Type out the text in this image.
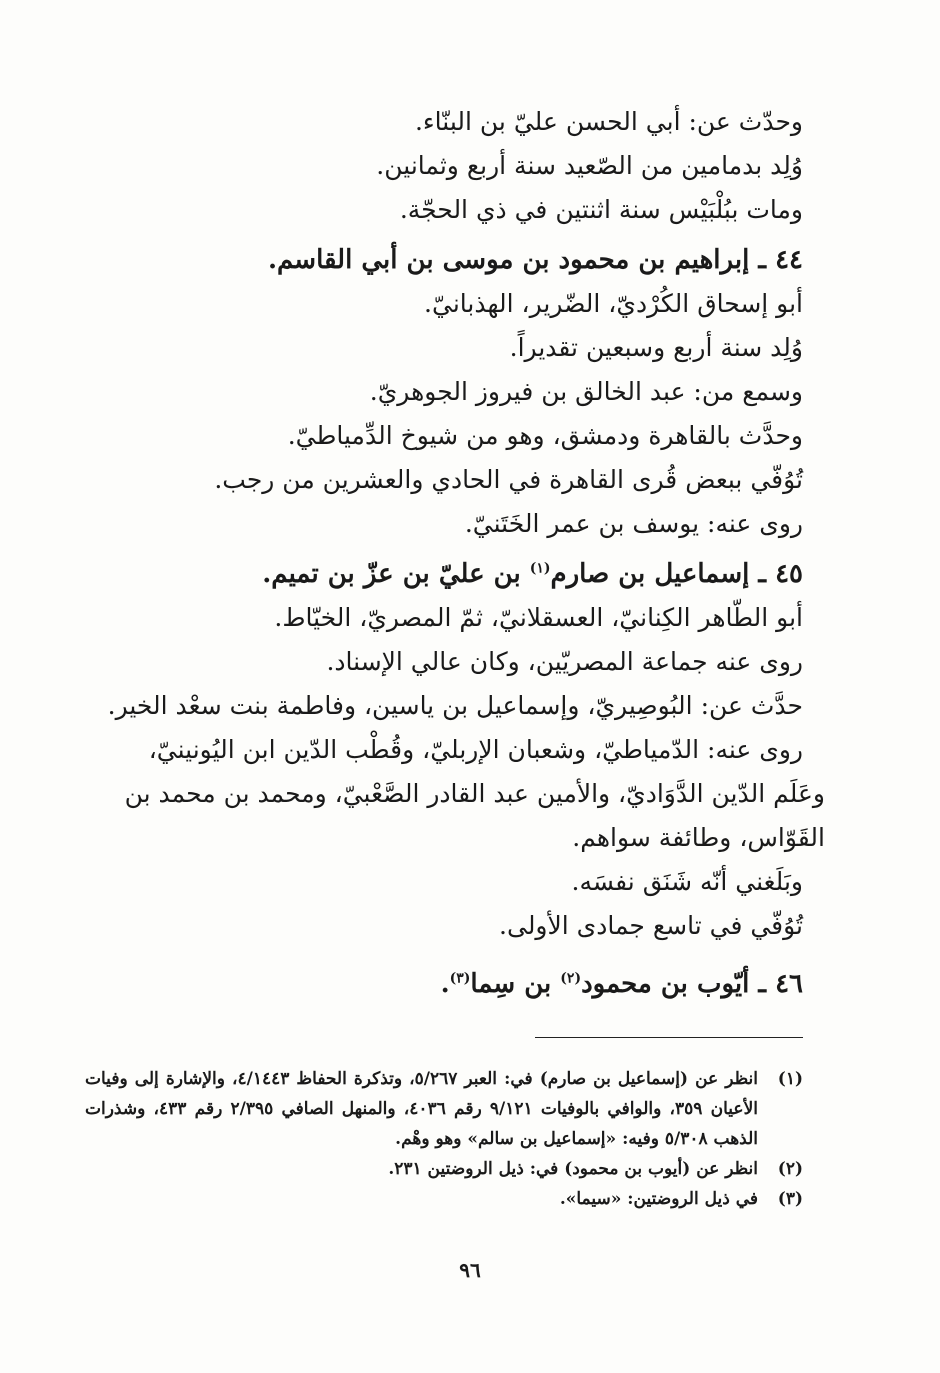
وحدّث عن: أبي الحسن عليّ بن البنّاء.
وُلِد بدمامين من الصّعيد سنة أربع وثمانين.
ومات ببُلْبَيْس سنة اثنتين في ذي الحجّة.
٤٤ ـ إبراهيم بن محمود بن موسى بن أبي القاسم.
أبو إسحاق الكُرْديّ، الضّرير، الهذبانيّ.
وُلِد سنة أربع وسبعين تقديراً.
وسمع من: عبد الخالق بن فيروز الجوهريّ.
وحدَّث بالقاهرة ودمشق، وهو من شيوخ الدِّمياطيّ.
تُوُفّي ببعض قُرى القاهرة في الحادي والعشرين من رجب.
روى عنه: يوسف بن عمر الخَتَنيّ.
٤٥ ـ إسماعيل بن صارم$^{(١)}$ بن عليّ بن عزّ بن تميم.
أبو الطّاهر الكِنانيّ، العسقلانيّ، ثمّ المصريّ، الخيّاط.
روى عنه جماعة المصريّين، وكان عالي الإسناد.
حدَّث عن: البُوصِيريّ، وإسماعيل بن ياسين، وفاطمة بنت سعْد الخير.
روى عنه: الدّمياطيّ، وشعبان الإربليّ، وقُطْب الدّين ابن اليُونينيّ،
وعَلَم الدّين الدَّوَاديّ، والأمين عبد القادر الصَّعْبيّ، ومحمد بن محمد بن
القَوّاس، وطائفة سواهم.
وبَلَغني أنّه شَنَق نفسَه.
تُوُفّي في تاسع جمادى الأولى.
٤٦ ـ أيّوب بن محمود$^{(٢)}$ بن سِما$^{(٣)}$.
(١)
انظر عن (إسماعيل بن صارم) في: العبر ٥/٢٦٧، وتذكرة الحفاظ ٤/١٤٤٣، والإشارة إلى وفيات الأعيان ٣٥٩، والوافي بالوفيات ٩/١٢١ رقم ٤٠٣٦، والمنهل الصافي ٢/٣٩٥ رقم ٤٣٣، وشذرات الذهب ٥/٣٠٨ وفيه: «إسماعيل بن سالم» وهو وهْم.
(٢)
انظر عن (أيوب بن محمود) في: ذيل الروضتين ٢٣١.
(٣)
في ذيل الروضتين: «سيما».
٩٦
